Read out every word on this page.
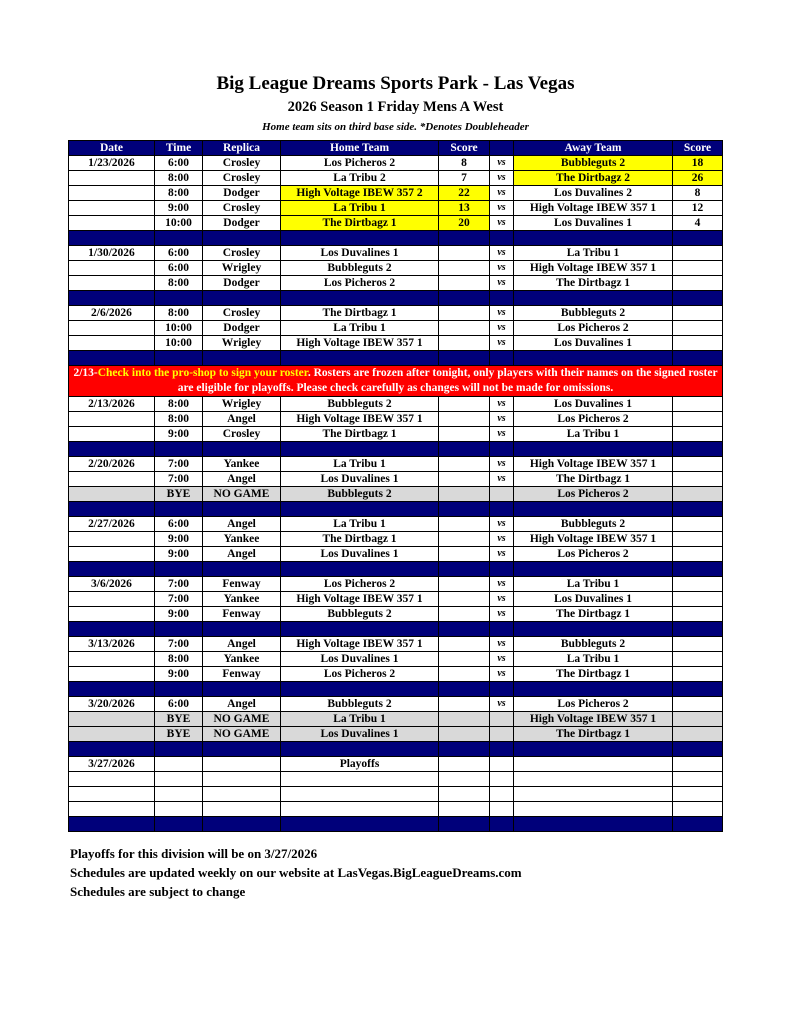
Big League Dreams Sports Park - Las Vegas
2026 Season 1 Friday Mens A West
Home team sits on third base side. *Denotes Doubleheader
Date	Time	Replica	Home Team	Score		Away Team	Score
1/23/2026	6:00	Crosley	Los Picheros 2	8	vs	Bubbleguts 2	18
	8:00	Crosley	La Tribu 2	7	vs	The Dirtbagz 2	26
	8:00	Dodger	High Voltage IBEW 357 2	22	vs	Los Duvalines 2	8
	9:00	Crosley	La Tribu 1	13	vs	High Voltage IBEW 357 1	12
	10:00	Dodger	The Dirtbagz 1	20	vs	Los Duvalines 1	4

1/30/2026	6:00	Crosley	Los Duvalines 1		vs	La Tribu 1	
	6:00	Wrigley	Bubbleguts 2		vs	High Voltage IBEW 357 1	
	8:00	Dodger	Los Picheros 2		vs	The Dirtbagz 1	

2/6/2026	8:00	Crosley	The Dirtbagz 1		vs	Bubbleguts 2	
	10:00	Dodger	La Tribu 1		vs	Los Picheros 2	
	10:00	Wrigley	High Voltage IBEW 357 1		vs	Los Duvalines 1	

2/13-Check into the pro-shop to sign your roster. Rosters are frozen after tonight, only players with their names on the signed roster are eligible for playoffs. Please check carefully as changes will not be made for omissions.							
2/13/2026	8:00	Wrigley	Bubbleguts 2		vs	Los Duvalines 1	
	8:00	Angel	High Voltage IBEW 357 1		vs	Los Picheros 2	
	9:00	Crosley	The Dirtbagz 1		vs	La Tribu 1	

2/20/2026	7:00	Yankee	La Tribu 1		vs	High Voltage IBEW 357 1	
	7:00	Angel	Los Duvalines 1		vs	The Dirtbagz 1	
	BYE	NO GAME	Bubbleguts 2			Los Picheros 2	

2/27/2026	6:00	Angel	La Tribu 1		vs	Bubbleguts 2	
	9:00	Yankee	The Dirtbagz 1		vs	High Voltage IBEW 357 1	
	9:00	Angel	Los Duvalines 1		vs	Los Picheros 2	

3/6/2026	7:00	Fenway	Los Picheros 2		vs	La Tribu 1	
	7:00	Yankee	High Voltage IBEW 357 1		vs	Los Duvalines 1	
	9:00	Fenway	Bubbleguts 2		vs	The Dirtbagz 1	

3/13/2026	7:00	Angel	High Voltage IBEW 357 1		vs	Bubbleguts 2	
	8:00	Yankee	Los Duvalines 1		vs	La Tribu 1	
	9:00	Fenway	Los Picheros 2		vs	The Dirtbagz 1	

3/20/2026	6:00	Angel	Bubbleguts 2		vs	Los Picheros 2	
	BYE	NO GAME	La Tribu 1			High Voltage IBEW 357 1	
	BYE	NO GAME	Los Duvalines 1			The Dirtbagz 1	

3/27/2026			Playoffs				

Playoffs for this division will be on 3/27/2026
Schedules are updated weekly on our website at LasVegas.BigLeagueDreams.com
Schedules are subject to change
